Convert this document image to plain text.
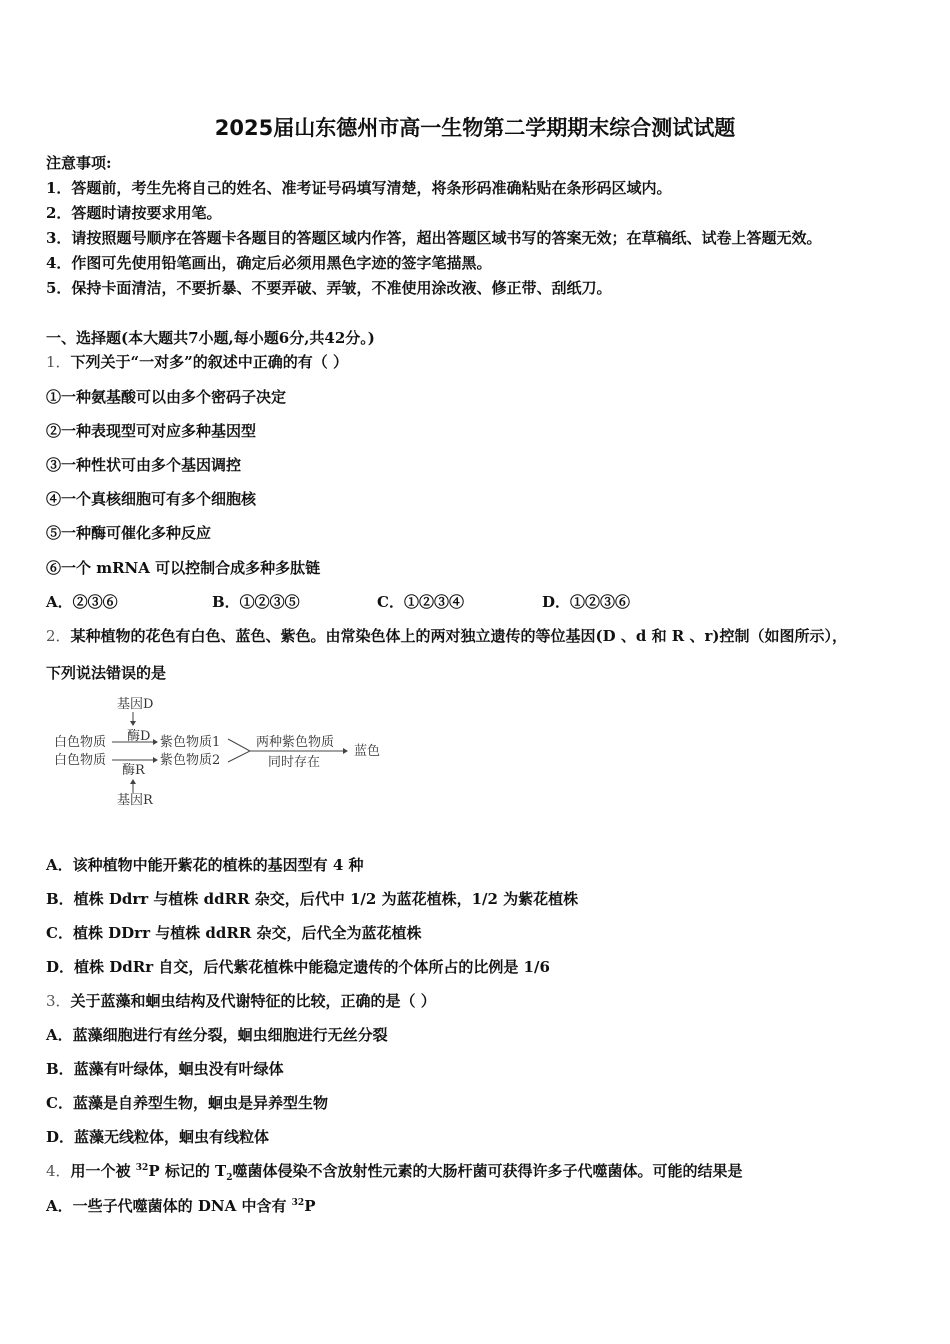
2025届山东德州市高一生物第二学期期末综合测试试题
注意事项:
1．答题前，考生先将自己的姓名、准考证号码填写清楚，将条形码准确粘贴在条形码区域内。
2．答题时请按要求用笔。
3．请按照题号顺序在答题卡各题目的答题区域内作答，超出答题区域书写的答案无效；在草稿纸、试卷上答题无效。
4．作图可先使用铅笔画出，确定后必须用黑色字迹的签字笔描黑。
5．保持卡面清洁，不要折暴、不要弄破、弄皱，不准使用涂改液、修正带、刮纸刀。
一、选择题(本大题共7小题,每小题6分,共42分。)
1．下列关于“一对多”的叙述中正确的有（ ）
①一种氨基酸可以由多个密码子决定
②一种表现型可对应多种基因型
③一种性状可由多个基因调控
④一个真核细胞可有多个细胞核
⑤一种酶可催化多种反应
⑥一个 mRNA 可以控制合成多种多肽链
A．②③⑥	B．①②③⑤	C．①②③④	D．①②③⑥
2．某种植物的花色有白色、蓝色、紫色。由常染色体上的两对独立遗传的等位基因(D 、d 和 R 、r)控制（如图所示），
下列说法错误的是
基因D
酶D
白色物质
白色物质
酶R
基因R
紫色物质1
紫色物质2
两种紫色物质
同时存在
蓝色
A．该种植物中能开紫花的植株的基因型有 4 种
B．植株 Ddrr 与植株 ddRR 杂交，后代中 1/2 为蓝花植株，1/2 为紫花植株
C．植株 DDrr 与植株 ddRR 杂交，后代全为蓝花植株
D．植株 DdRr 自交，后代紫花植株中能稳定遗传的个体所占的比例是 1/6
3．关于蓝藻和蛔虫结构及代谢特征的比较，正确的是（ ）
A．蓝藻细胞进行有丝分裂，蛔虫细胞进行无丝分裂
B．蓝藻有叶绿体，蛔虫没有叶绿体
C．蓝藻是自养型生物，蛔虫是异养型生物
D．蓝藻无线粒体，蛔虫有线粒体
4．用一个被 $^{32}$P 标记的 $T_2$噬菌体侵染不含放射性元素的大肠杆菌可获得许多子代噬菌体。可能的结果是
A．一些子代噬菌体的 DNA 中含有 $^{32}$P
